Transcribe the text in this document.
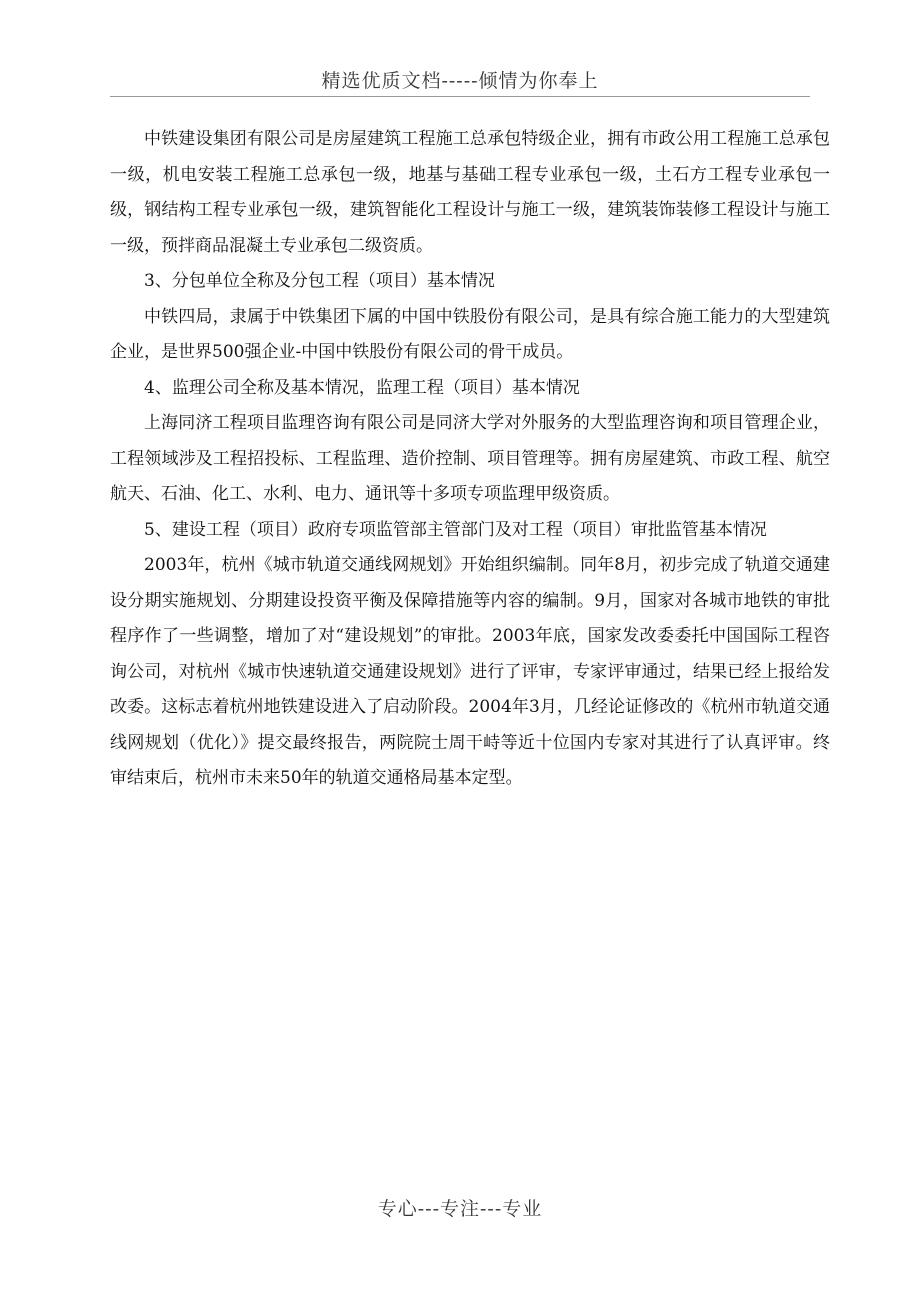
精选优质文档-----倾情为你奉上

中铁建设集团有限公司是房屋建筑工程施工总承包特级企业，拥有市政公用工程施工总承包一级，机电安装工程施工总承包一级，地基与基础工程专业承包一级，土石方工程专业承包一级，钢结构工程专业承包一级，建筑智能化工程设计与施工一级，建筑装饰装修工程设计与施工一级，预拌商品混凝土专业承包二级资质。

3、分包单位全称及分包工程（项目）基本情况

中铁四局，隶属于中铁集团下属的中国中铁股份有限公司，是具有综合施工能力的大型建筑企业，是世界500强企业-中国中铁股份有限公司的骨干成员。

4、监理公司全称及基本情况，监理工程（项目）基本情况

上海同济工程项目监理咨询有限公司是同济大学对外服务的大型监理咨询和项目管理企业，工程领域涉及工程招投标、工程监理、造价控制、项目管理等。拥有房屋建筑、市政工程、航空航天、石油、化工、水利、电力、通讯等十多项专项监理甲级资质。

5、建设工程（项目）政府专项监管部主管部门及对工程（项目）审批监管基本情况

2003年，杭州《城市轨道交通线网规划》开始组织编制。同年8月，初步完成了轨道交通建设分期实施规划、分期建设投资平衡及保障措施等内容的编制。9月，国家对各城市地铁的审批程序作了一些调整，增加了对“建设规划”的审批。2003年底，国家发改委委托中国国际工程咨询公司，对杭州《城市快速轨道交通建设规划》进行了评审，专家评审通过，结果已经上报给发改委。这标志着杭州地铁建设进入了启动阶段。2004年3月，几经论证修改的《杭州市轨道交通线网规划（优化）》提交最终报告，两院院士周干峙等近十位国内专家对其进行了认真评审。终审结束后，杭州市未来50年的轨道交通格局基本定型。

专心---专注---专业
